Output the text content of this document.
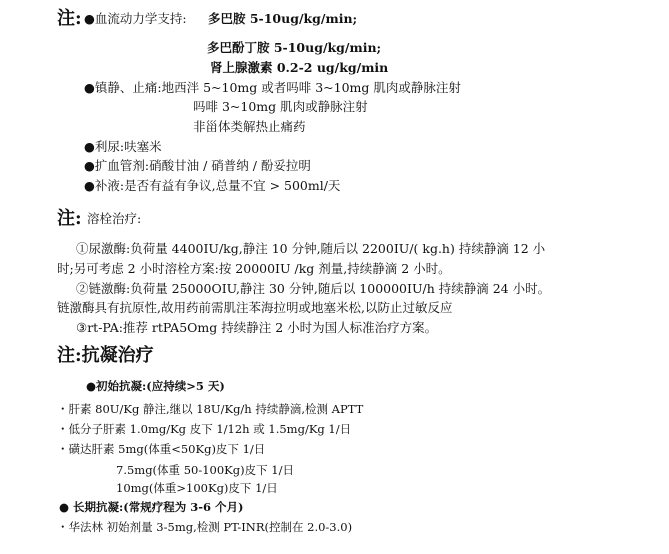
注: ●血流动力学支持: 多巴胺 5-10ug/kg/min;
多巴酚丁胺 5-10ug/kg/min;
肾上腺激素 0.2-2 ug/kg/min
●镇静、止痛:地西泮 5~10mg 或者吗啡 3~10mg 肌肉或静脉注射
吗啡 3~10mg 肌肉或静脉注射
非甾体类解热止痛药
●利尿:呋塞米
●扩血管剂:硝酸甘油 / 硝普纳 / 酚妥拉明
●补液:是否有益有争议,总量不宜 > 500ml/天
注: 溶栓治疗:
①尿激酶:负荷量 4400IU/kg,静注 10 分钟,随后以 2200IU/( kg.h) 持续静滴 12 小
时;另可考虑 2 小时溶栓方案:按 20000IU /kg 剂量,持续静滴 2 小时。
②链激酶:负荷量 25000OIU,静注 30 分钟,随后以 100000IU/h 持续静滴 24 小时。
链激酶具有抗原性,故用药前需肌注苯海拉明或地塞米松,以防止过敏反应
③rt-PA:推荐 rtPA5Omg 持续静注 2 小时为国人标准治疗方案。
注:抗凝治疗
●初始抗凝:(应持续>5 天)
・肝素 80U/Kg 静注,继以 18U/Kg/h 持续静滴,检测 APTT
・低分子肝素 1.0mg/Kg 皮下 1/12h 或 1.5mg/Kg 1/日
・磺达肝素 5mg(体重<50Kg)皮下 1/日
7.5mg(体重 50-100Kg)皮下 1/日
10mg(体重>100Kg)皮下 1/日
● 长期抗凝:(常规疗程为 3-6 个月)
・华法林 初始剂量 3-5mg,检测 PT-INR(控制在 2.0-3.0)
